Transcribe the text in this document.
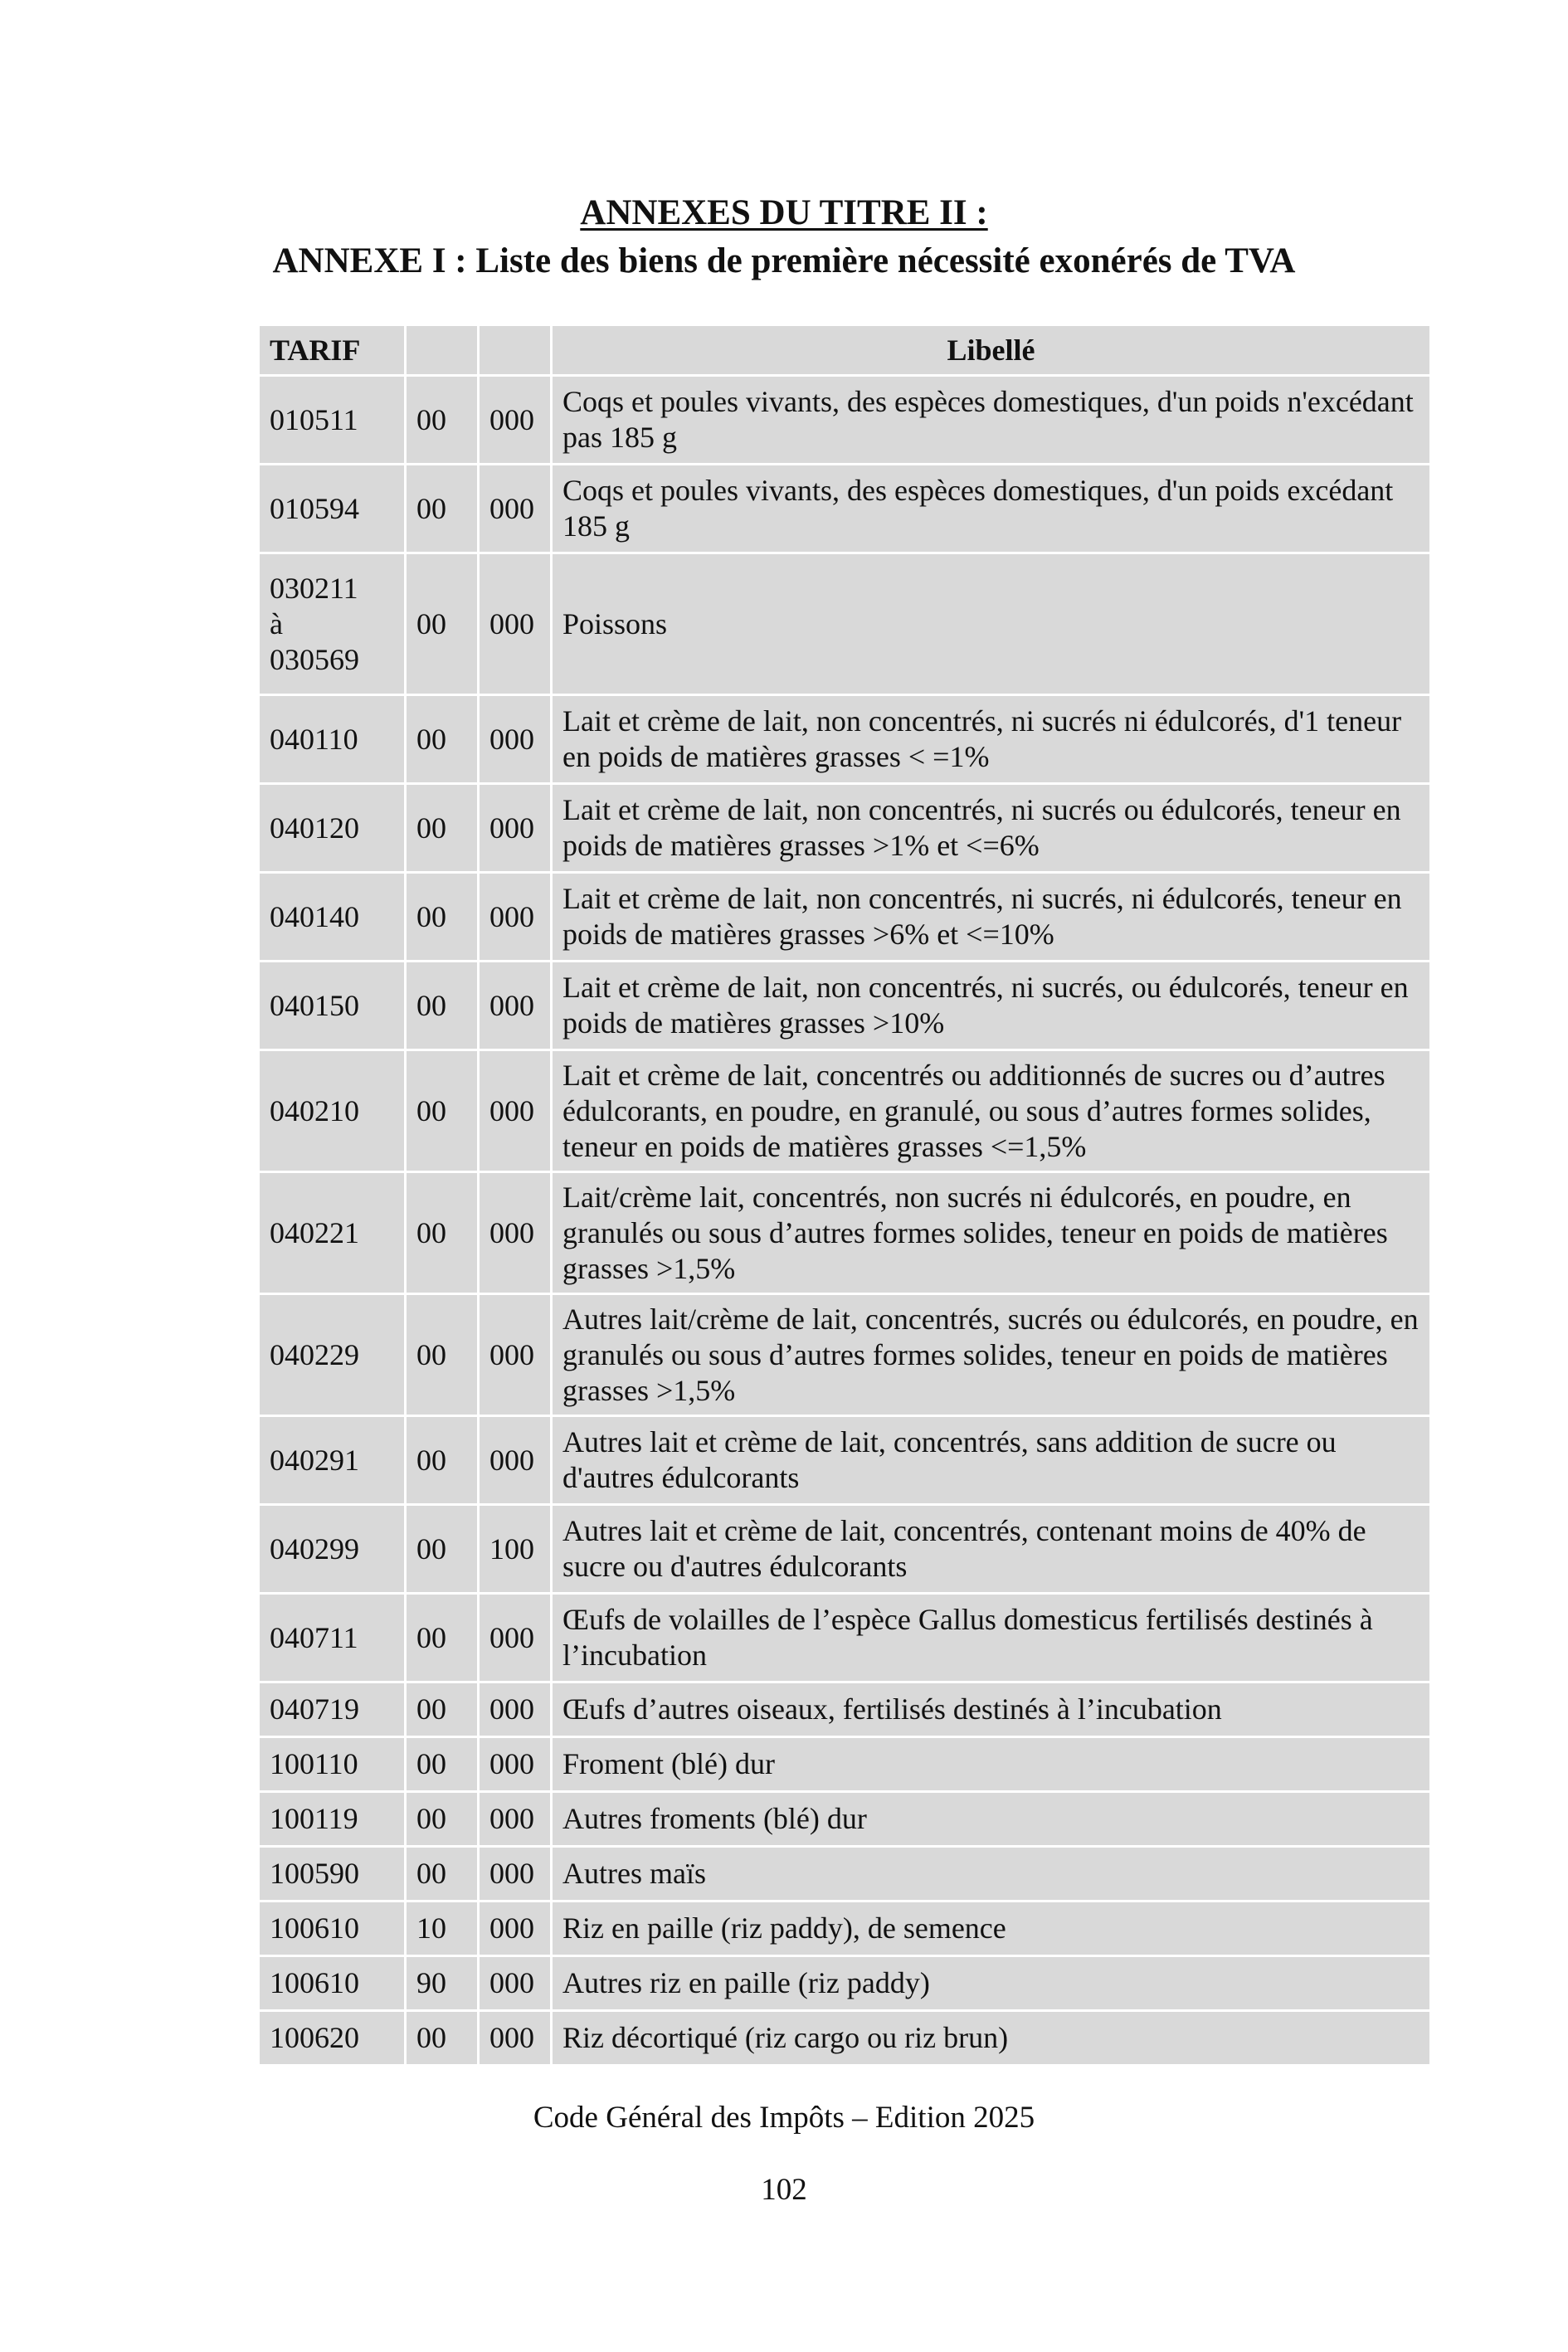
ANNEXES DU TITRE II :
ANNEXE I : Liste des biens de première nécessité exonérés de TVA
TARIF			Libellé
010511	00	000	Coqs et poules vivants, des espèces domestiques, d'un poids n'excédant pas 185 g
010594	00	000	Coqs et poules vivants, des espèces domestiques, d'un poids excédant 185 g
030211
à
030569	00	000	Poissons
040110	00	000	Lait et crème de lait, non concentrés, ni sucrés ni édulcorés, d'1 teneur en poids de matières grasses < =1%
040120	00	000	Lait et crème de lait, non concentrés, ni sucrés ou édulcorés, teneur en poids de matières grasses >1% et <=6%
040140	00	000	Lait et crème de lait, non concentrés, ni sucrés, ni édulcorés, teneur en poids de matières grasses >6% et <=10%
040150	00	000	Lait et crème de lait, non concentrés, ni sucrés, ou édulcorés, teneur en poids de matières grasses >10%
040210	00	000	Lait et crème de lait, concentrés ou additionnés de sucres ou d’autres édulcorants, en poudre, en granulé, ou sous d’autres formes solides, teneur en poids de matières grasses <=1,5%
040221	00	000	Lait/crème lait, concentrés, non sucrés ni édulcorés, en poudre, en granulés ou sous d’autres formes solides, teneur en poids de matières grasses >1,5%
040229	00	000	Autres lait/crème de lait, concentrés, sucrés ou édulcorés, en poudre, en granulés ou sous d’autres formes solides, teneur en poids de matières grasses >1,5%
040291	00	000	Autres lait et crème de lait, concentrés, sans addition de sucre ou d'autres édulcorants
040299	00	100	Autres lait et crème de lait, concentrés, contenant moins de 40% de sucre ou d'autres édulcorants
040711	00	000	Œufs de volailles de l’espèce Gallus domesticus fertilisés destinés à l’incubation
040719	00	000	Œufs d’autres oiseaux, fertilisés destinés à l’incubation
100110	00	000	Froment (blé) dur
100119	00	000	Autres froments (blé) dur
100590	00	000	Autres maïs
100610	10	000	Riz en paille (riz paddy), de semence
100610	90	000	Autres riz en paille (riz paddy)
100620	00	000	Riz décortiqué (riz cargo ou riz brun)
Code Général des Impôts – Edition 2025
102
